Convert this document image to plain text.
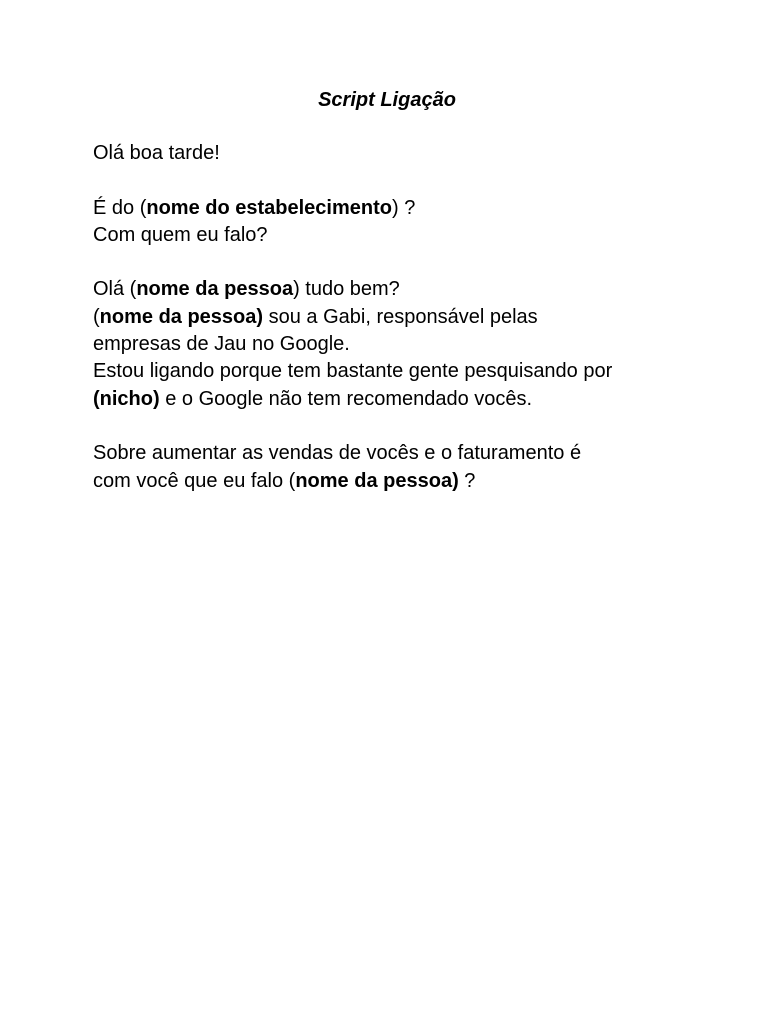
Script Ligação

Olá boa tarde!

É do (nome do estabelecimento) ?

Com quem eu falo?

Olá (nome da pessoa) tudo bem?

(nome da pessoa) sou a Gabi, responsável pelas

empresas de Jau no Google.

Estou ligando porque tem bastante gente pesquisando por

(nicho) e o Google não tem recomendado vocês.

Sobre aumentar as vendas de vocês e o faturamento é

com você que eu falo (nome da pessoa) ?
